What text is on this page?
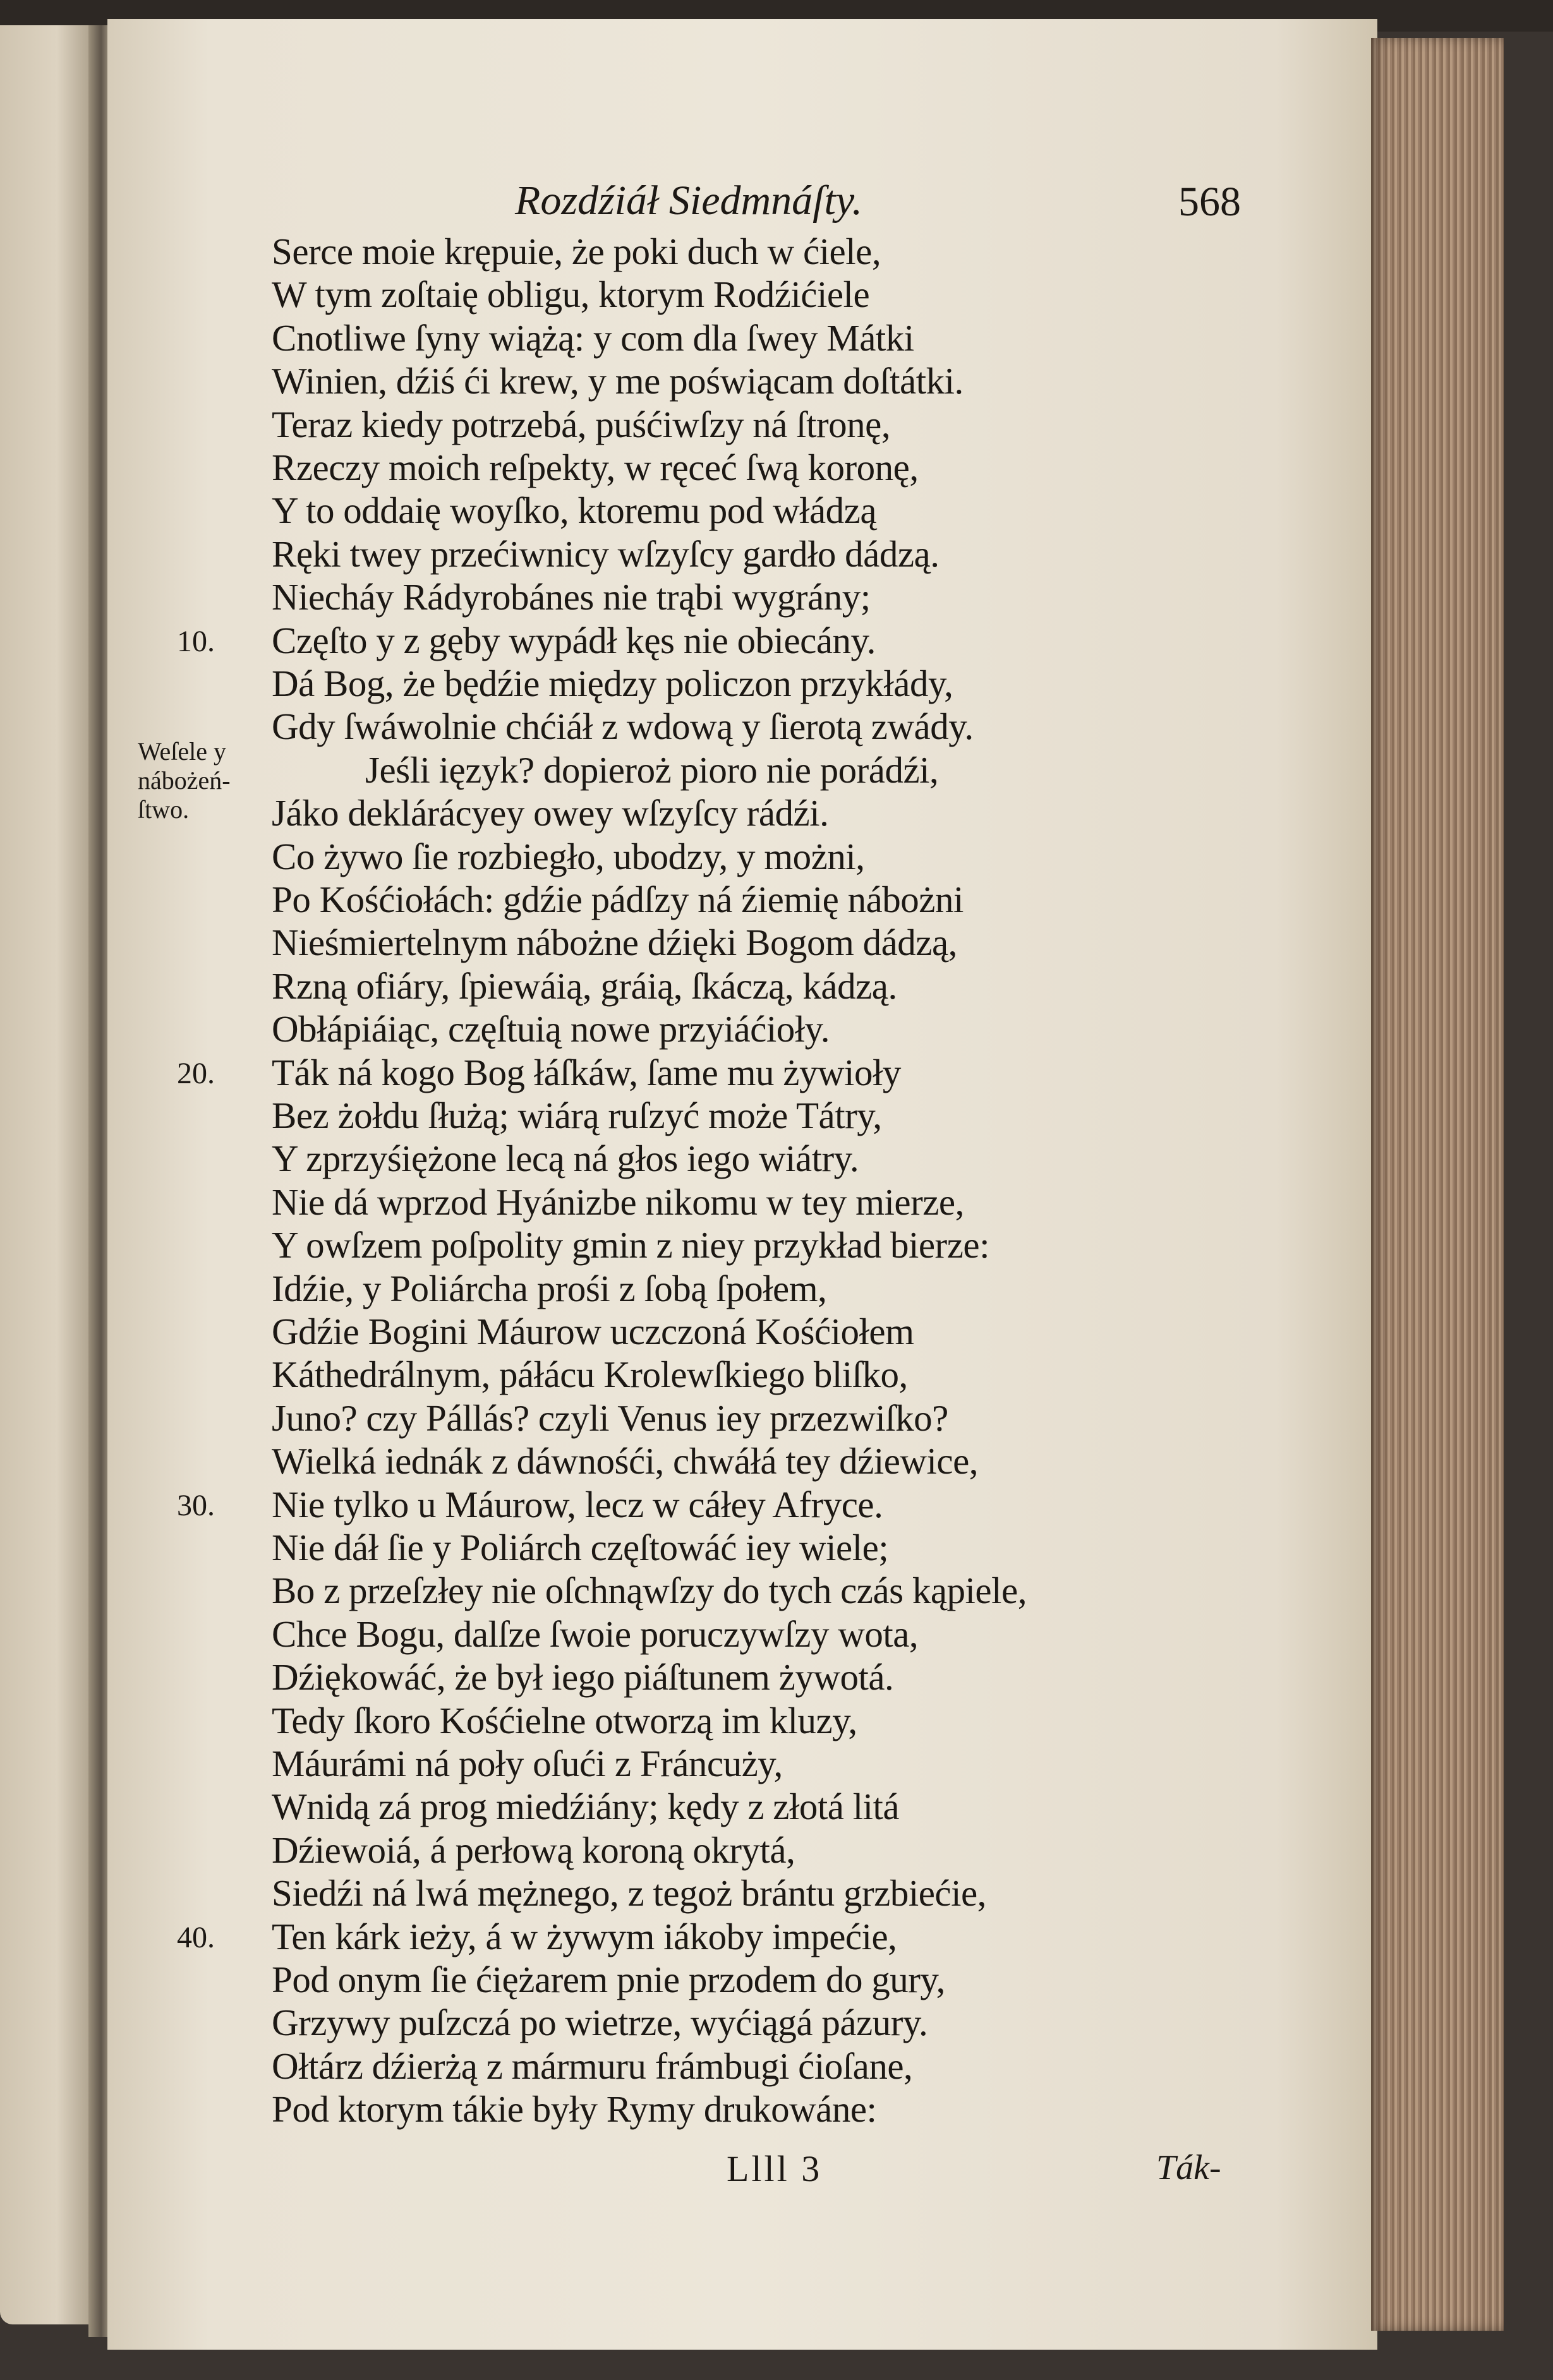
Rozdźiáł Siedmnáſty.	568
Weſele y
nábożeń-
ſtwo.
Serce moie krępuie, że poki duch w ćiele,
W tym zoſtaię obligu, ktorym Rodźićiele
Cnotliwe ſyny wiążą: y com dla ſwey Mátki
Winien, dźiś ći krew, y me poświącam doſtátki.
Teraz kiedy potrzebá, puśćiwſzy ná ſtronę,
Rzeczy moich reſpekty, w ręceć ſwą koronę,
Y to oddaię woyſko, ktoremu pod włádzą
Ręki twey przećiwnicy wſzyſcy gardło dádzą.
Niecháy Rádyrobánes nie trąbi wygrány;
Częſto y z gęby wypádł kęs nie obiecány.
10.
Dá Bog, że będźie między policzon przykłády,
Gdy ſwáwolnie chćiáł z wdową y ſierotą zwády.
Jeśli ięzyk? dopieroż pioro nie porádźi,
Jáko deklárácyey owey wſzyſcy rádźi.
Co żywo ſie rozbiegło, ubodzy, y możni,
Po Kośćiołách: gdźie pádſzy ná źiemię nábożni
Nieśmiertelnym nábożne dźięki Bogom dádzą,
Rzną ofiáry, ſpiewáią, gráią, ſkáczą, kádzą.
Obłápiáiąc, częſtuią nowe przyiáćioły.
Ták ná kogo Bog łáſkáw, ſame mu żywioły
20.
Bez żołdu ſłużą; wiárą ruſzyć może Tátry,
Y zprzyśiężone lecą ná głos iego wiátry.
Nie dá wprzod Hyánizbe nikomu w tey mierze,
Y owſzem poſpolity gmin z niey przykład bierze:
Idźie, y Poliárcha prośi z ſobą ſpołem,
Gdźie Bogini Máurow uczczoná Kośćiołem
Káthedrálnym, páłácu Krolewſkiego bliſko,
Juno? czy Pállás? czyli Venus iey przezwiſko?
Wielká iednák z dáwnośći, chwáłá tey dźiewice,
Nie tylko u Máurow, lecz w cáłey Afryce.
30.
Nie dáł ſie y Poliárch częſtowáć iey wiele;
Bo z przeſzłey nie oſchnąwſzy do tych czás kąpiele,
Chce Bogu, dalſze ſwoie poruczywſzy wota,
Dźiękowáć, że był iego piáſtunem żywotá.
Tedy ſkoro Kośćielne otworzą im kluzy,
Máurámi ná poły oſući z Fráncuży,
Wnidą zá prog miedźiány; kędy z złotá litá
Dźiewoiá, á perłową koroną okrytá,
Siedźi ná lwá mężnego, z tegoż brántu grzbiećie,
Ten kárk ieży, á w żywym iákoby impećie,
40.
Pod onym ſie ćiężarem pnie przodem do gury,
Grzywy puſzczá po wietrze, wyćiągá pázury.
Ołtárz dźierżą z mármuru frámbugi ćioſane,
Pod ktorym tákie były Rymy drukowáne:
Llll 3	Ták-
